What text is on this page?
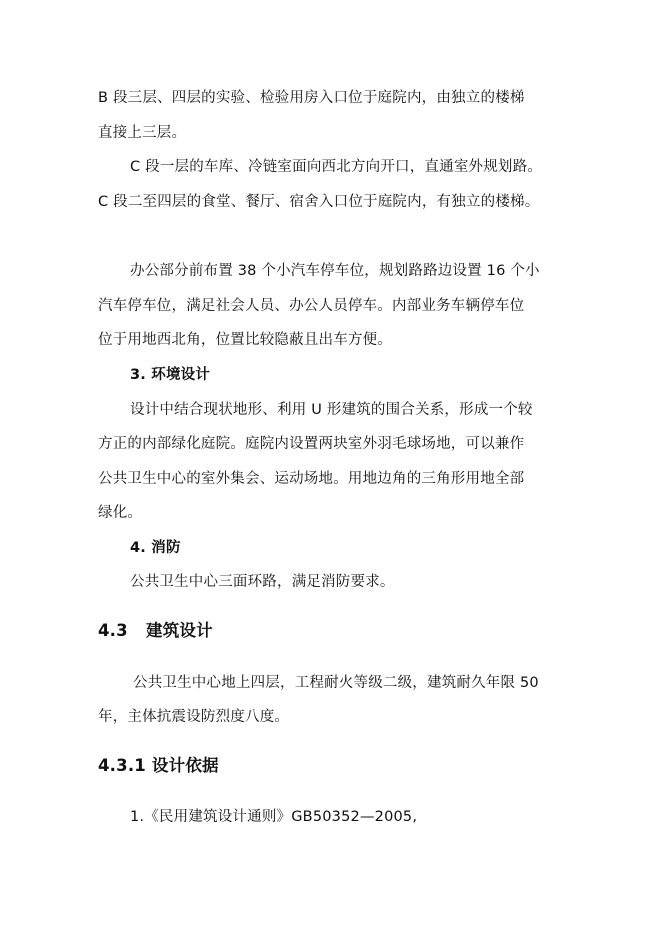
B 段三层、四层的实验、检验用房入口位于庭院内，由独立的楼梯
直接上三层。
C 段一层的车库、冷链室面向西北方向开口，直通室外规划路。
C 段二至四层的食堂、餐厅、宿舍入口位于庭院内，有独立的楼梯。
办公部分前布置 38 个小汽车停车位，规划路路边设置 16 个小
汽车停车位，满足社会人员、办公人员停车。内部业务车辆停车位
位于用地西北角，位置比较隐蔽且出车方便。
3. 环境设计
设计中结合现状地形、利用 U 形建筑的围合关系，形成一个较
方正的内部绿化庭院。庭院内设置两块室外羽毛球场地，可以兼作
公共卫生中心的室外集会、运动场地。用地边角的三角形用地全部
绿化。
4. 消防
公共卫生中心三面环路，满足消防要求。
4.3 建筑设计
公共卫生中心地上四层，工程耐火等级二级，建筑耐久年限 50
年，主体抗震设防烈度八度。
4.3.1 设计依据
1.《民用建筑设计通则》GB50352—2005,
